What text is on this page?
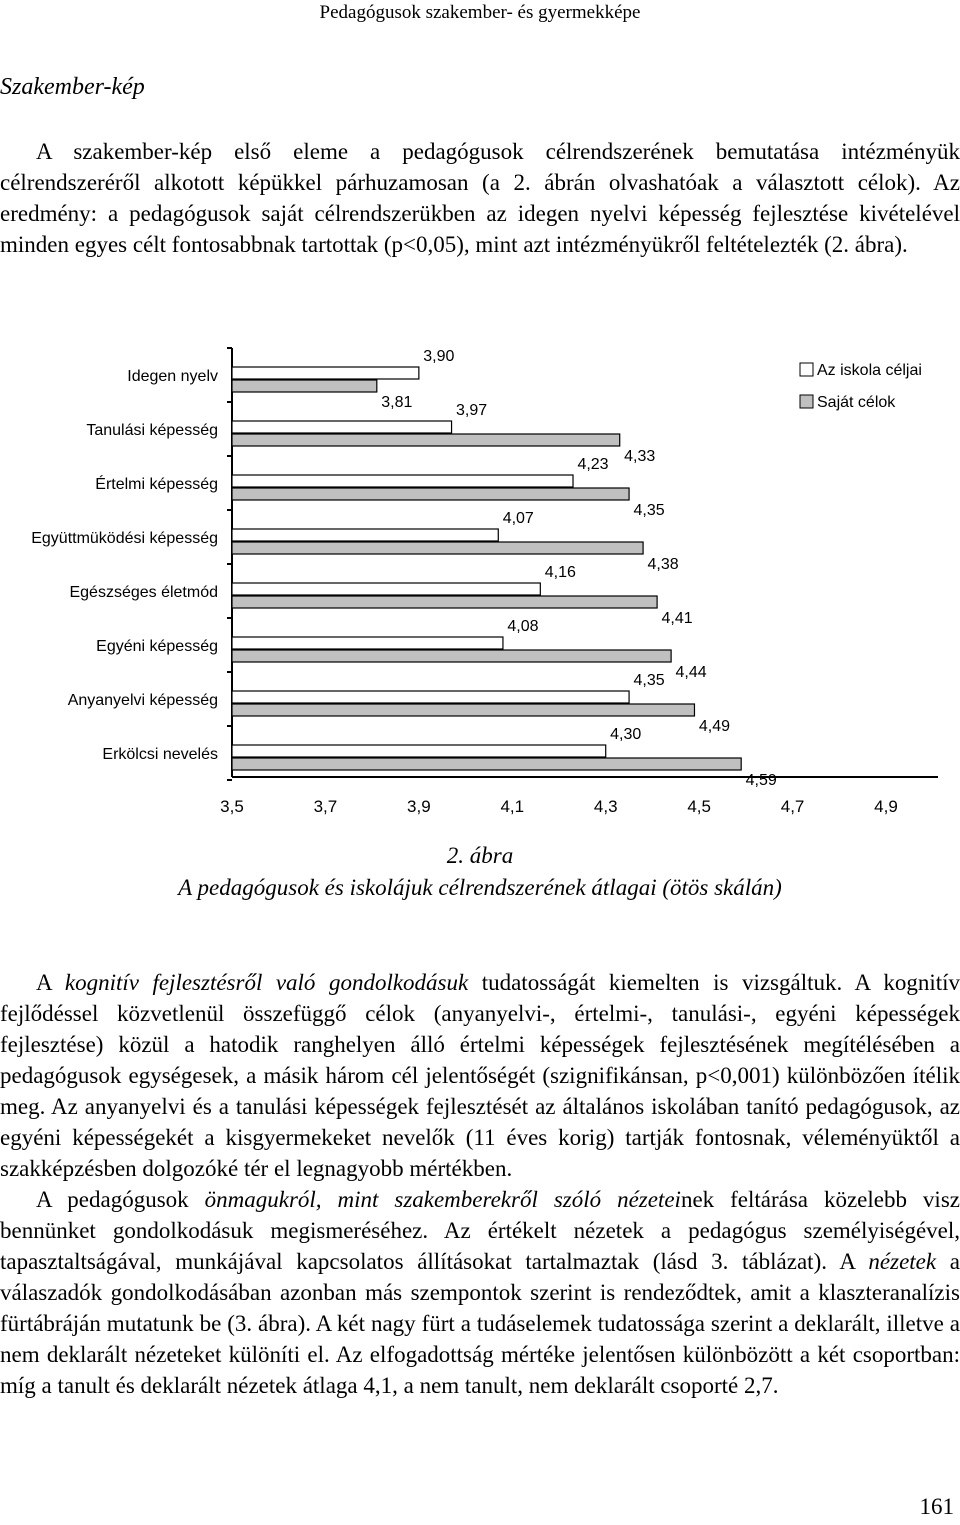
Pedagógusok szakember- és gyermekképe
Szakember-kép

A szakember-kép első eleme a pedagógusok célrendszerének bemutatása intézményük célrendszeréről alkotott képükkel párhuzamosan (a 2. ábrán olvashatóak a választott célok). Az eredmény: a pedagógusok saját célrendszerükben az idegen nyelvi képesség fejlesztése kivételével minden egyes célt fontosabbnak tartottak (p<0,05), mint azt intézményükről feltételezték (2. ábra).

Idegen nyelv
3,90
3,81
Tanulási képesség
3,97
4,33
Értelmi képesség
4,23
4,35
Együttmüködési képesség
4,07
4,38
Egészséges életmód
4,16
4,41
Egyéni képesség
4,08
4,44
Anyanyelvi képesség
4,35
4,49
Erkölcsi nevelés
4,30
4,59
3,5	3,7	3,9	4,1	4,3	4,5	4,7	4,9
Az iskola céljai
Saját célok
2. ábra
A pedagógusok és iskolájuk célrendszerének átlagai (ötös skálán)

A kognitív fejlesztésről való gondolkodásuk tudatosságát kiemelten is vizsgáltuk. A kognitív fejlődéssel közvetlenül összefüggő célok (anyanyelvi-, értelmi-, tanulási-, egyéni képességek fejlesztése) közül a hatodik ranghelyen álló értelmi képességek fejlesztésének megítélésében a pedagógusok egységesek, a másik három cél jelentőségét (szignifikánsan, p<0,001) különbözően ítélik meg. Az anyanyelvi és a tanulási képességek fejlesztését az általános iskolában tanító pedagógusok, az egyéni képességekét a kisgyermekeket nevelők (11 éves korig) tartják fontosnak, véleményüktől a szakképzésben dolgozóké tér el legnagyobb mértékben.

A pedagógusok önmagukról, mint szakemberekről szóló nézeteinek feltárása közelebb visz bennünket gondolkodásuk megismeréséhez. Az értékelt nézetek a pedagógus személyiségével, tapasztaltságával, munkájával kapcsolatos állításokat tartalmaztak (lásd 3. táblázat). A nézetek a válaszadók gondolkodásában azonban más szempontok szerint is rendeződtek, amit a klaszteranalízis fürtábráján mutatunk be (3. ábra). A két nagy fürt a tudáselemek tudatossága szerint a deklarált, illetve a nem deklarált nézeteket különíti el. Az elfogadottság mértéke jelentősen különbözött a két csoportban: míg a tanult és deklarált nézetek átlaga 4,1, a nem tanult, nem deklarált csoporté 2,7.

161
